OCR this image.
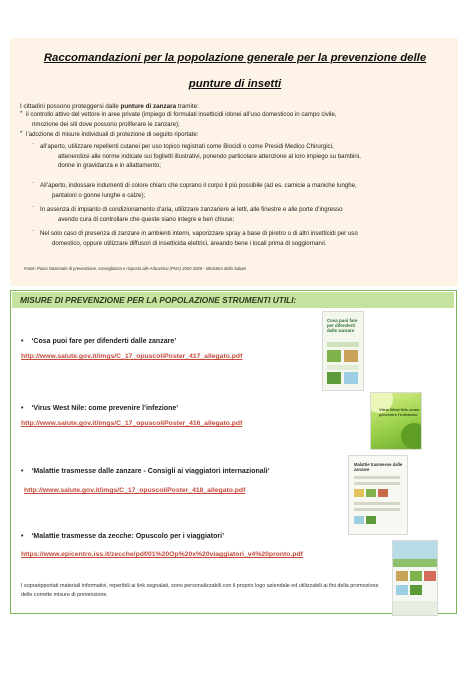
Raccomandazioni per la popolazione generale per la prevenzione delle
punture di insetti
I cittadini possono proteggersi dalle punture di zanzara tramite:
* il controllo attivo del vettore in aree private (impiego di formulati insetticidi idonei all’uso domesticoo in campo civile,
rimozione dei siti dove possono proliferare le zanzare);
* l’adozione di misure individuali di protezione di seguito riportate:
¨ all’aperto, utilizzare repellenti cutanei per uso topico registrati come Biocidi o come Presidi Medico Chirurgici,
attenendosi alle norme indicate sui foglietti illustrativi, ponendo particolare attenzione al loro impiego su bambini,
donne in gravidanza e in allattamento;
¨ All’aperto, indossare indumenti di colore chiaro che coprano il corpo il più possibile (ad es. camicie a maniche lunghe,
pantaloni o gonne lunghe e calze);
¨ In assenza di impianto di condizionamento d’aria, utilizzare zanzariere ai letti, alle finestre e alle porte d’ingresso
avendo cura di controllare che queste siano integre e ben chiuse;
¨ Nel solo caso di presenza di zanzare in ambienti interni, vaporizzare spray a base di piretro o di altri insetticidi per uso
domestico, oppure utilizzare diffusori di insetticida elettrici, areando bene i locali prima di soggiornarvi.
Fonte: Piano Nazionale di prevenzione, sorveglianza e risposta alle Arbovirosi (PNA) 2020-2025 - Ministero della Salute
MISURE DI PREVENZIONE PER LA POPOLAZIONE STRUMENTI UTILI:
• ‘Cosa puoi fare per difenderti dalle zanzare’
http://www.salute.gov.it/imgs/C_17_opuscoliPoster_417_allegato.pdf
• ‘Virus West Nile: come prevenire l’infezione’
http://www.salute.gov.it/imgs/C_17_opuscoliPoster_416_allegato.pdf
• ‘Malattie trasmesse dalle zanzare - Consigli ai viaggiatori internazionali‘
http://www.salute.gov.it/imgs/C_17_opuscoliPoster_418_allegato.pdf
• ‘Malattie trasmesse da zecche: Opuscolo per i viaggiatori’
https://www.epicentro.iss.it/zecche/pdf/01%20Op%20x%20viaggiatori_v4%20pronto.pdf
I sopraripportati materiali informativi, reperibili ai link segnalati, sono personalizzabili con il proprio logo aziendale ed utilizzabili ai fini della promozione delle corrette misure di prevenzione.
Cosa puoi fare per difenderti dalle zanzare
Virus West Nile come prevenire l'infezione
Malattie trasmesse dalle zanzare
